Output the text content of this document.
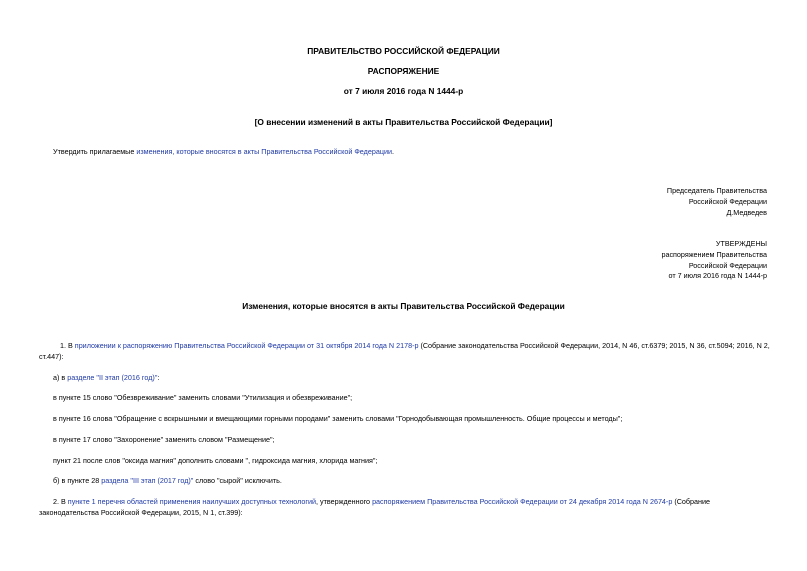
ПРАВИТЕЛЬСТВО РОССИЙСКОЙ ФЕДЕРАЦИИ
РАСПОРЯЖЕНИЕ
от 7 июля 2016 года N 1444-р
[О внесении изменений в акты Правительства Российской Федерации]
Утвердить прилагаемые изменения, которые вносятся в акты Правительства Российской Федерации.
Председатель Правительства
Российской Федерации
Д.Медведев
УТВЕРЖДЕНЫ
распоряжением Правительства
Российской Федерации
от 7 июля 2016 года N 1444-р
Изменения, которые вносятся в акты Правительства Российской Федерации
1. В приложении к распоряжению Правительства Российской Федерации от 31 октября 2014 года N 2178-р (Собрание законодательства Российской Федерации, 2014, N 46, ст.6379; 2015, N 36, ст.5094; 2016, N 2,
ст.447):
а) в разделе "II этап (2016 год)":
в пункте 15 слово "Обезвреживание" заменить словами "Утилизация и обезвреживание";
в пункте 16 слова "Обращение с вскрышными и вмещающими горными породами" заменить словами "Горнодобывающая промышленность. Общие процессы и методы";
в пункте 17 слово "Захоронение" заменить словом "Размещение";
пункт 21 после слов "оксида магния" дополнить словами ", гидроксида магния, хлорида магния";
б) в пункте 28 раздела "III этап (2017 год)" слово "сырой" исключить.
2. В пункте 1 перечня областей применения наилучших доступных технологий, утвержденного распоряжением Правительства Российской Федерации от 24 декабря 2014 года N 2674-р (Собрание
законодательства Российской Федерации, 2015, N 1, ст.399):
